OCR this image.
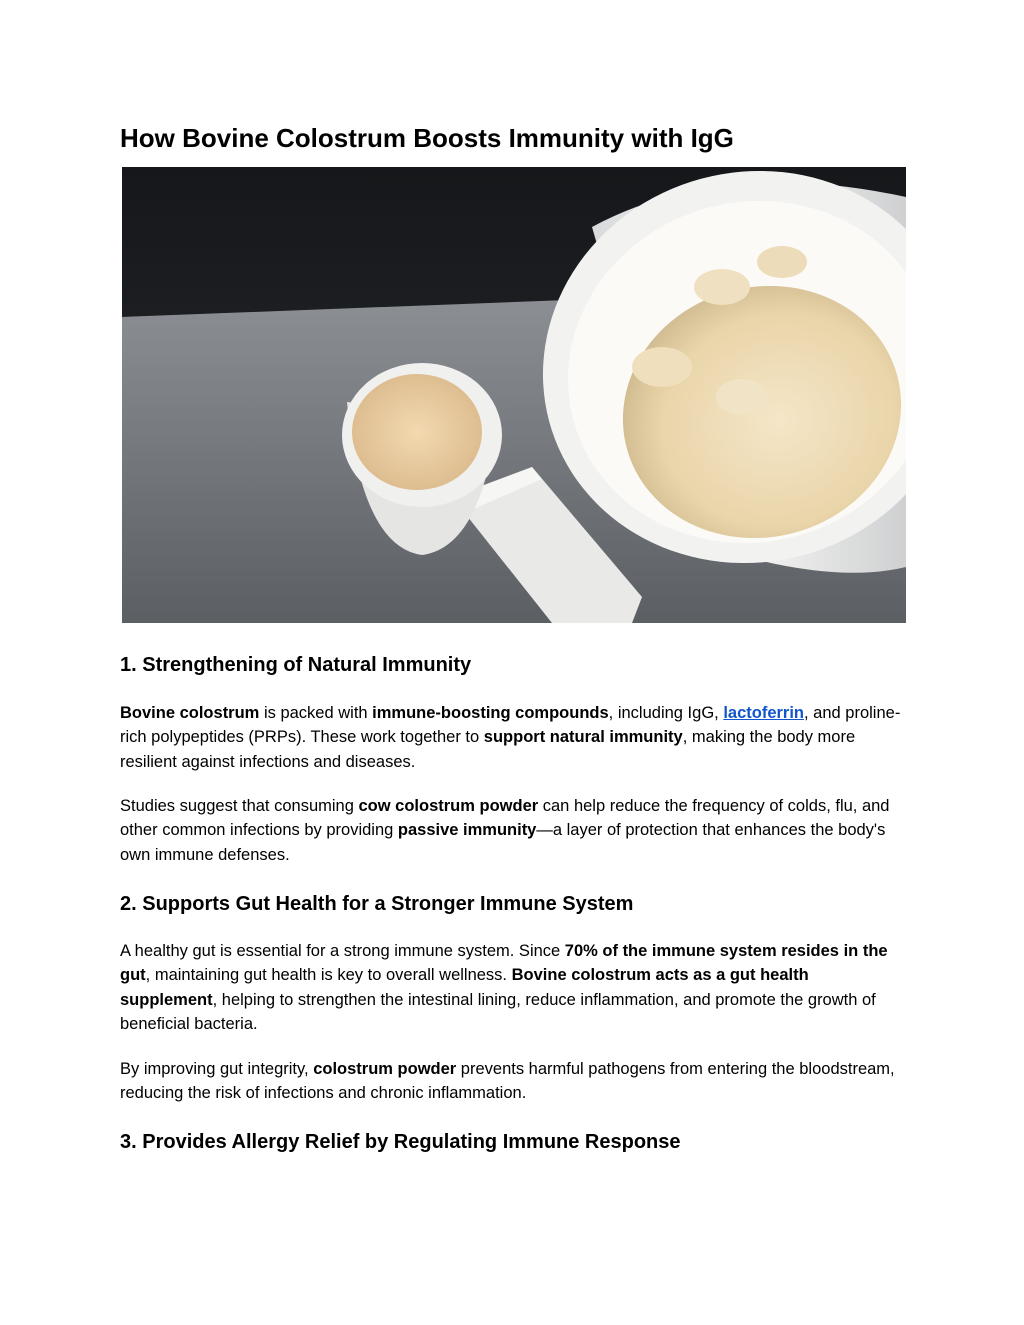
How Bovine Colostrum Boosts Immunity with IgG
1. Strengthening of Natural Immunity

Bovine colostrum is packed with immune-boosting compounds, including IgG, lactoferrin, and proline-rich polypeptides (PRPs). These work together to support natural immunity, making the body more resilient against infections and diseases.

Studies suggest that consuming cow colostrum powder can help reduce the frequency of colds, flu, and other common infections by providing passive immunity—a layer of protection that enhances the body's own immune defenses.

2. Supports Gut Health for a Stronger Immune System

A healthy gut is essential for a strong immune system. Since 70% of the immune system resides in the gut, maintaining gut health is key to overall wellness. Bovine colostrum acts as a gut health supplement, helping to strengthen the intestinal lining, reduce inflammation, and promote the growth of beneficial bacteria.

By improving gut integrity, colostrum powder prevents harmful pathogens from entering the bloodstream, reducing the risk of infections and chronic inflammation.

3. Provides Allergy Relief by Regulating Immune Response
